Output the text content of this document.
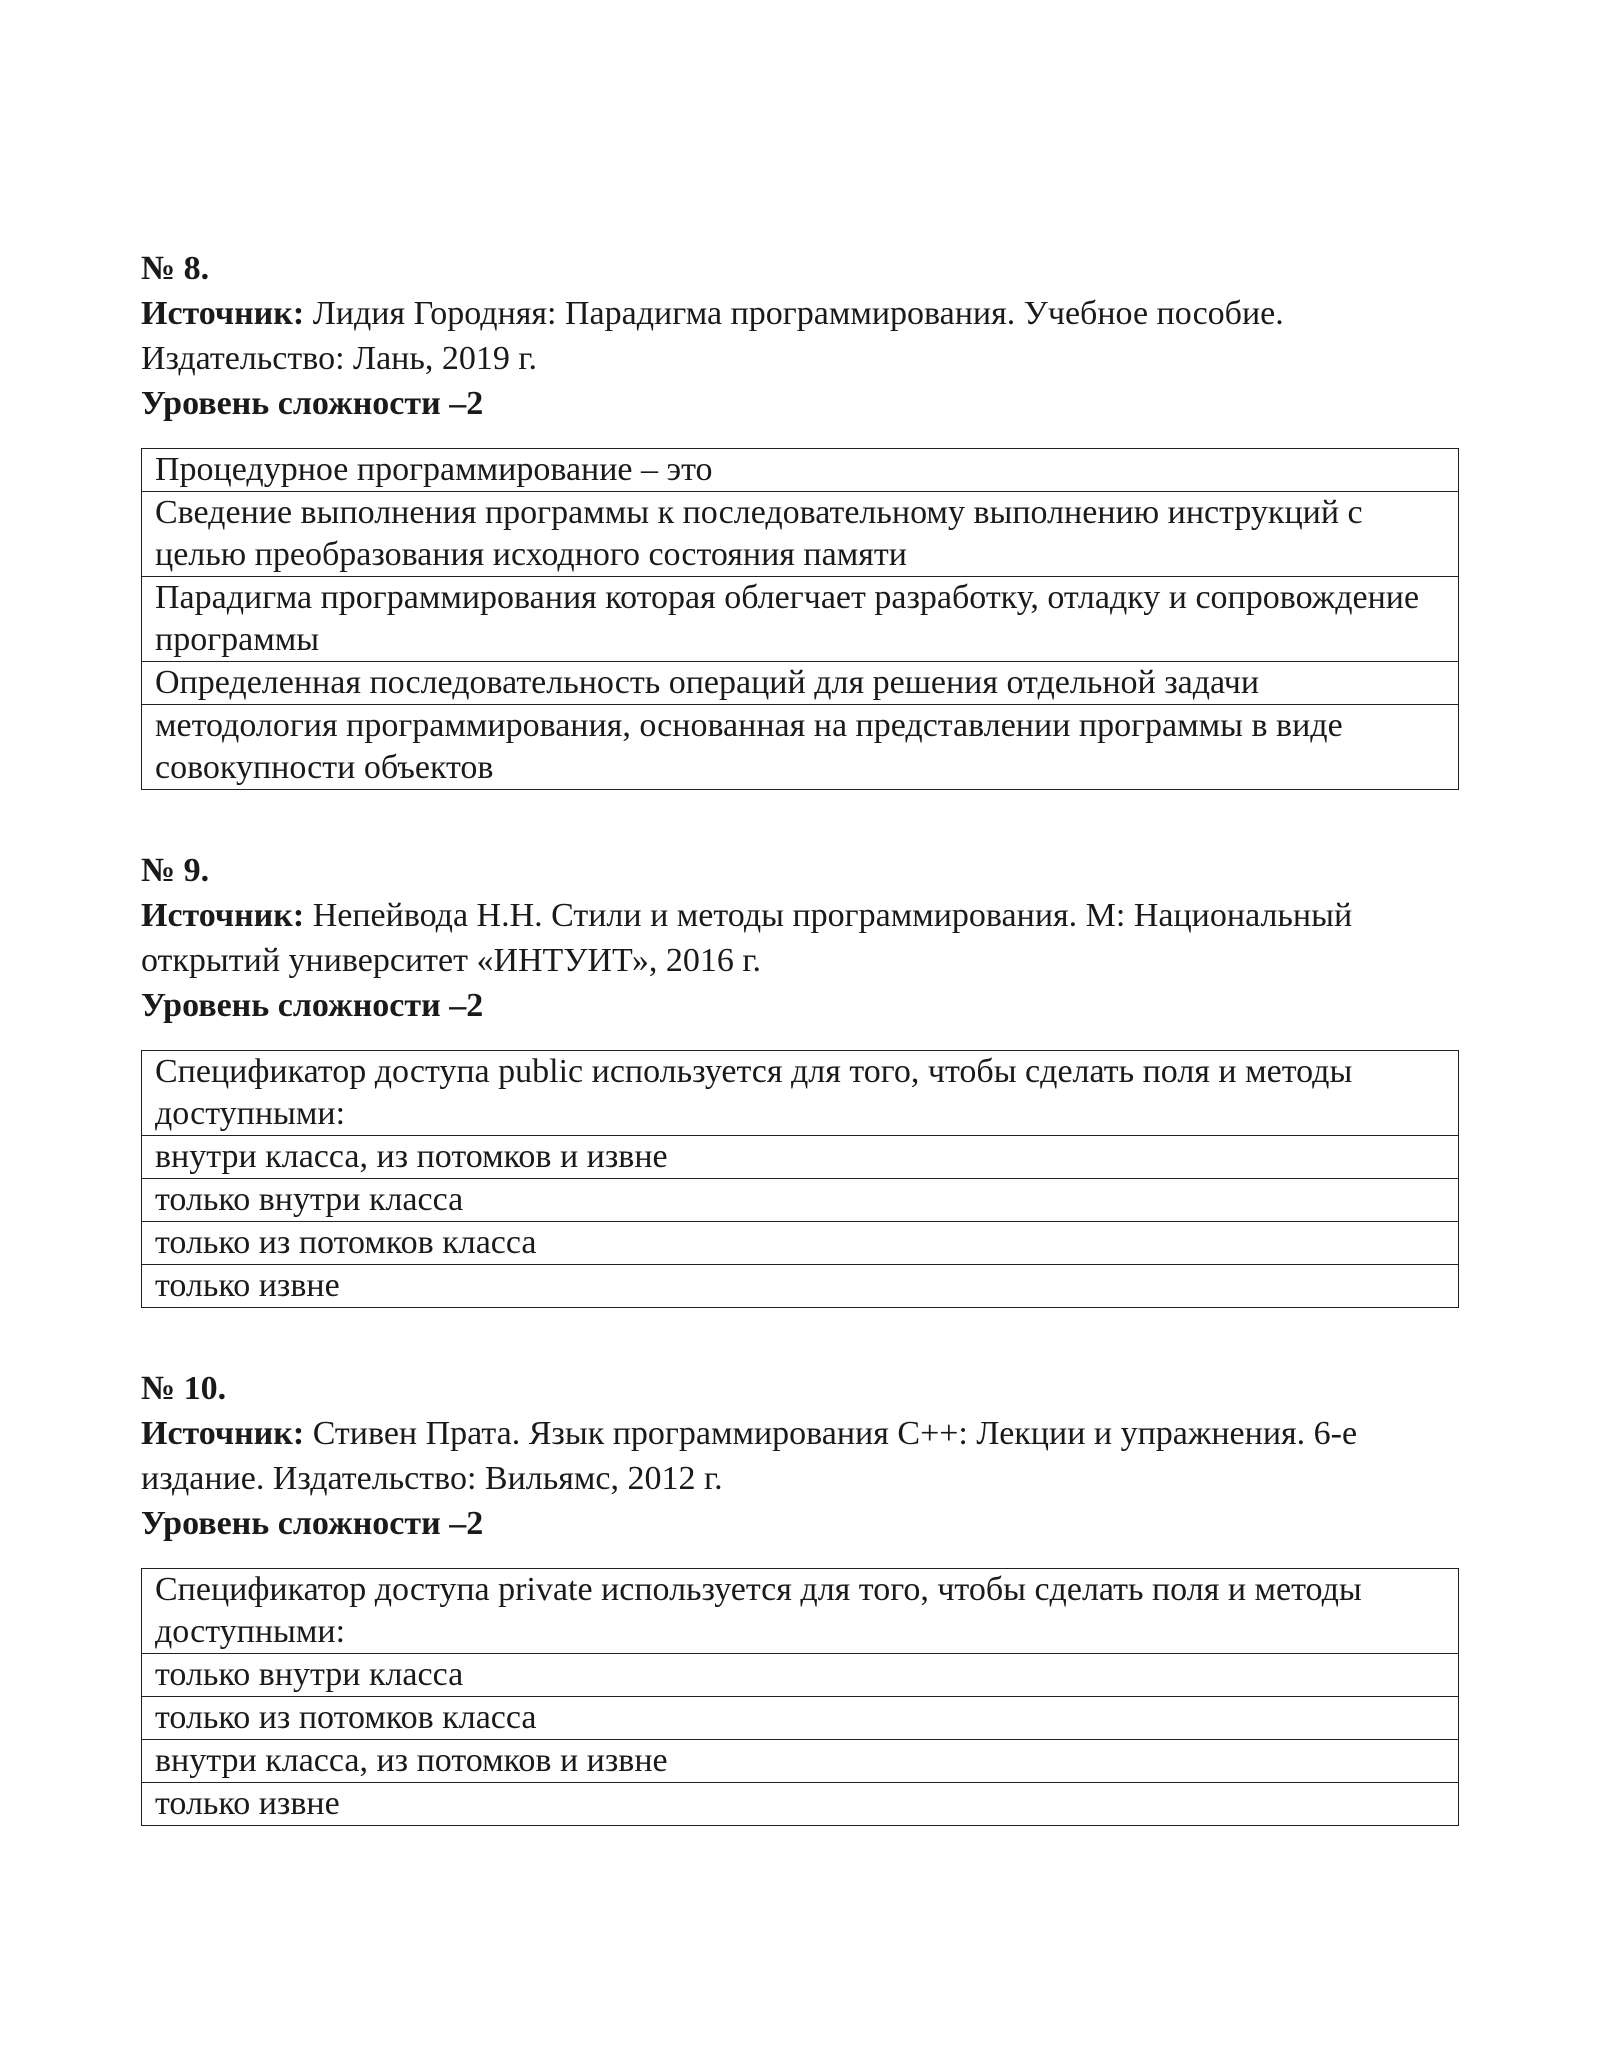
№ 8.

Источник: Лидия Городняя: Парадигма программирования. Учебное пособие. Издательство: Лань, 2019 г.

Уровень сложности –2

Процедурное программирование – это
Сведение выполнения программы к последовательному выполнению инструкций с целью преобразования исходного состояния памяти
Парадигма программирования которая облегчает разработку, отладку и сопровождение программы
Определенная последовательность операций для решения отдельной задачи
методология программирования, основанная на представлении программы в виде совокупности объектов

№ 9.

Источник: Непейвода Н.Н. Стили и методы программирования. М: Национальный открытий университет «ИНТУИТ», 2016 г.

Уровень сложности –2

Спецификатор доступа public используется для того, чтобы сделать поля и методы доступными:
внутри класса, из потомков и извне
только внутри класса
только из потомков класса
только извне

№ 10.

Источник: Стивен Прата. Язык программирования C++: Лекции и упражнения. 6-е издание. Издательство: Вильямс, 2012 г.

Уровень сложности –2

Спецификатор доступа private используется для того, чтобы сделать поля и методы доступными:
только внутри класса
только из потомков класса
внутри класса, из потомков и извне
только извне
